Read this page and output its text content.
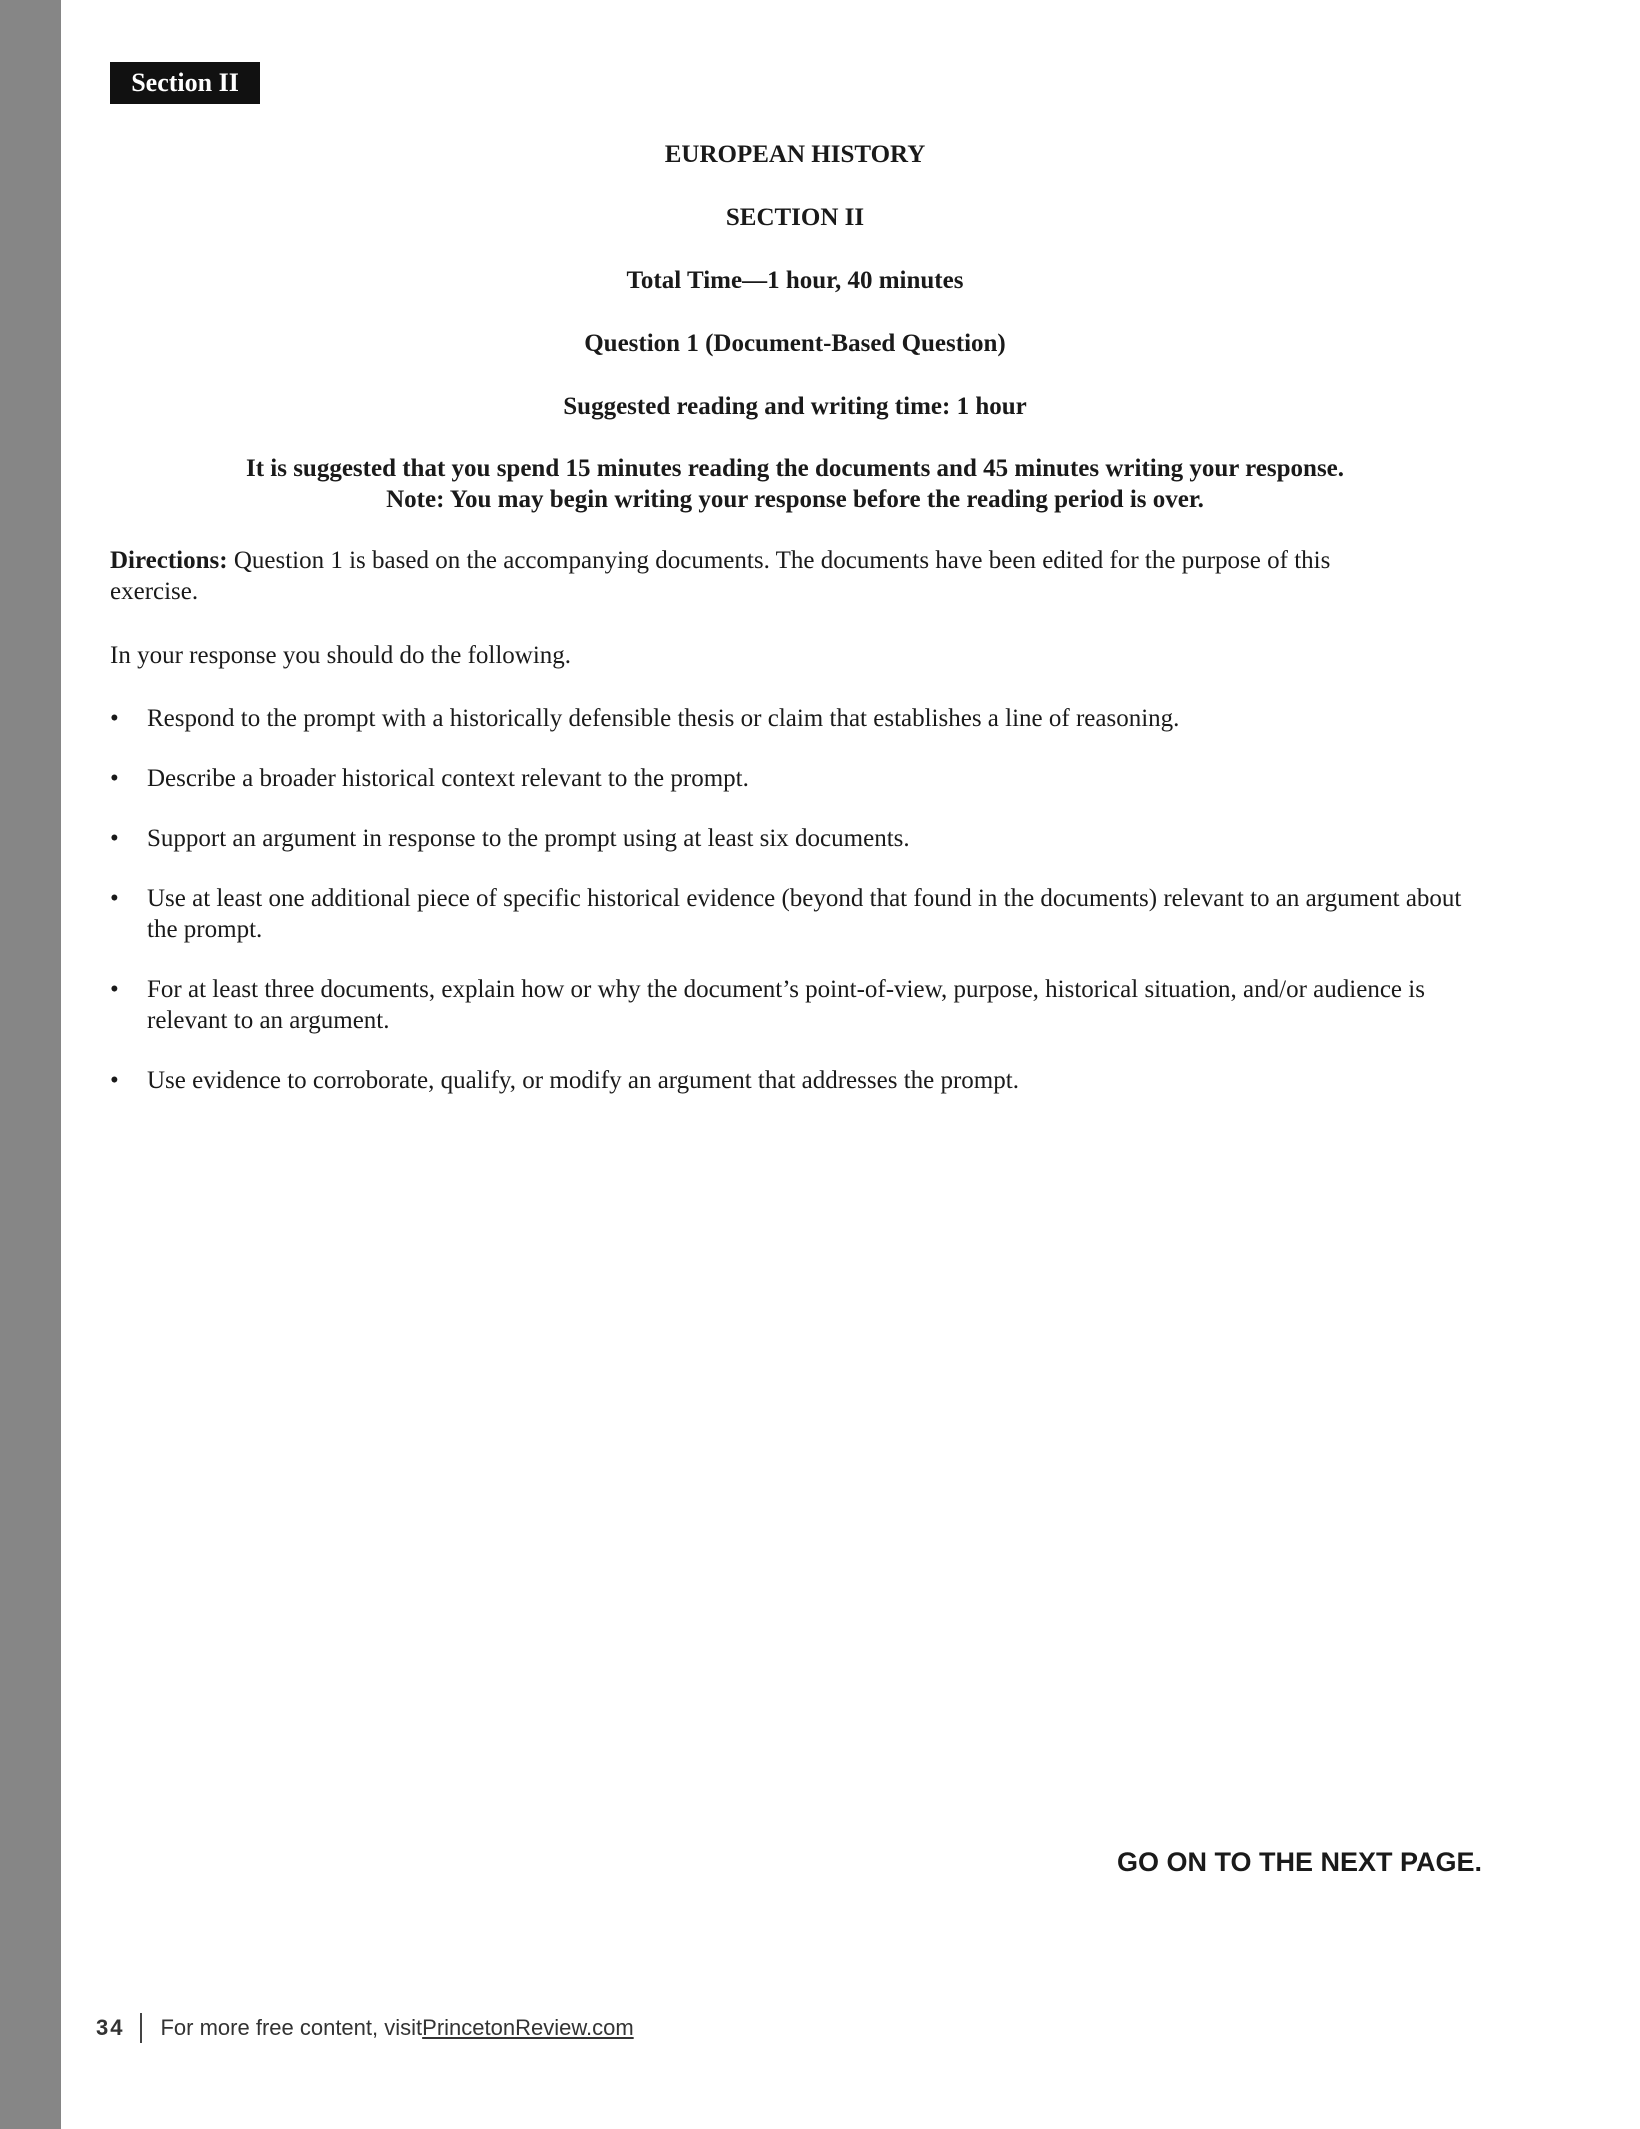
Section II
EUROPEAN HISTORY
SECTION II
Total Time—1 hour, 40 minutes
Question 1 (Document-Based Question)
Suggested reading and writing time: 1 hour
It is suggested that you spend 15 minutes reading the documents and 45 minutes writing your response.
Note: You may begin writing your response before the reading period is over.
Directions: Question 1 is based on the accompanying documents. The documents have been edited for the purpose of this exercise.
In your response you should do the following.
• Respond to the prompt with a historically defensible thesis or claim that establishes a line of reasoning.
• Describe a broader historical context relevant to the prompt.
• Support an argument in response to the prompt using at least six documents.
• Use at least one additional piece of specific historical evidence (beyond that found in the documents) relevant to an argument about the prompt.
• For at least three documents, explain how or why the document’s point-of-view, purpose, historical situation, and/or audience is relevant to an argument.
• Use evidence to corroborate, qualify, or modify an argument that addresses the prompt.
GO ON TO THE NEXT PAGE.
34 For more free content, visit PrincetonReview.com
